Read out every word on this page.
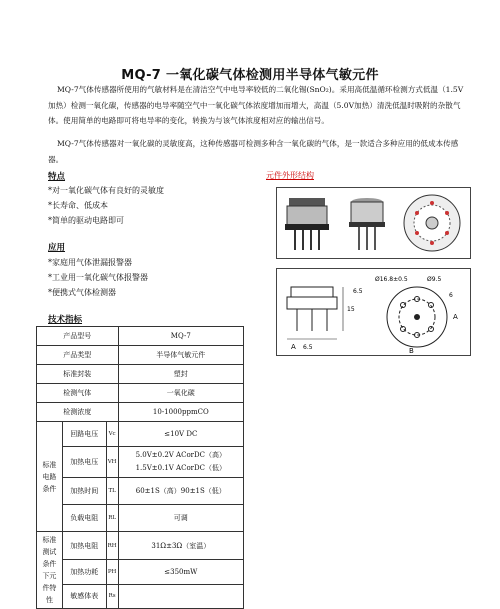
MQ-7 一氧化碳气体检测用半导体气敏元件
MQ-7气体传感器所使用的气敏材料是在清洁空气中电导率较低的二氧化锡(SnO₂)。采用高低温循环检测方式低温（1.5V加热）检测一氧化碳，传感器的电导率随空气中一氧化碳气体浓度增加而增大，高温（5.0V加热）清洗低温时吸附的杂散气体。使用简单的电路即可将电导率的变化，转换为与该气体浓度相对应的输出信号。
MQ-7气体传感器对一氧化碳的灵敏度高，这种传感器可检测多种含一氧化碳的气体，是一款适合多种应用的低成本传感器。
特点
*对一氧化碳气体有良好的灵敏度
*长寿命、低成本
*简单的驱动电路即可
元件外形结构
应用
*家庭用气体泄漏报警器
*工业用一氧化碳气体报警器
*便携式气体检测器
技术指标
6.5
15
A
6.5
Ø16.8±0.5	Ø9.5
6
A
B
产品型号			MQ-7
产品类型			半导体气敏元件
标准封装			塑封
检测气体			一氧化碳
检测浓度			10-1000ppmCO
标准电路条件	回路电压	Vc	≤10V DC
	加热电压	VH	5.0V±0.2V ACorDC（高）
1.5V±0.1V ACorDC（低）

	加热时间	TL	60±1S（高）90±1S（低）
	负载电阻	RL	可调
标准测试条件下元件特性	加热电阻	RH	31Ω±3Ω（室温）
	加热功耗	PH	≤350mW
	敏感体表	Rs	
